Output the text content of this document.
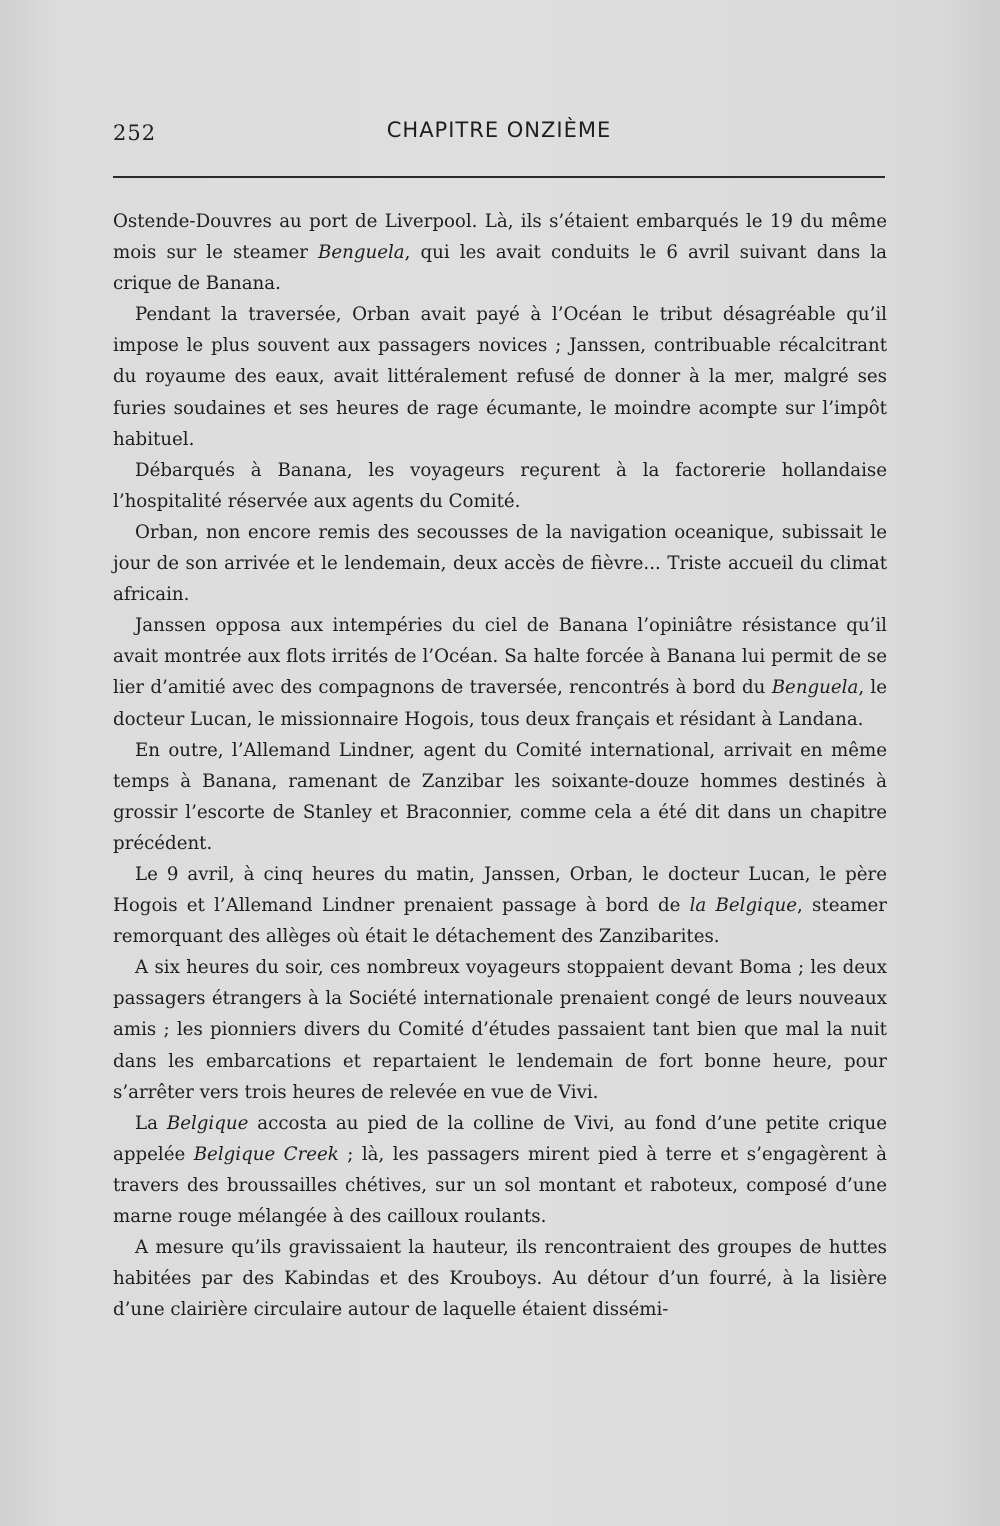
252	CHAPITRE ONZIÈME

Ostende-Douvres au port de Liverpool. Là, ils s’étaient embarqués le 19 du même mois sur le steamer Benguela, qui les avait conduits le 6 avril suivant dans la crique de Banana.

Pendant la traversée, Orban avait payé à l’Océan le tribut désagréable qu’il impose le plus souvent aux passagers novices ; Janssen, contribuable récalcitrant du royaume des eaux, avait littéralement refusé de donner à la mer, malgré ses furies soudaines et ses heures de rage écumante, le moindre acompte sur l’impôt habituel.

Débarqués à Banana, les voyageurs reçurent à la factorerie hollandaise l’hospitalité réservée aux agents du Comité.

Orban, non encore remis des secousses de la navigation oceanique, subissait le jour de son arrivée et le lendemain, deux accès de fièvre... Triste accueil du climat africain.

Janssen opposa aux intempéries du ciel de Banana l’opiniâtre résistance qu’il avait montrée aux flots irrités de l’Océan. Sa halte forcée à Banana lui permit de se lier d’amitié avec des compagnons de traversée, rencontrés à bord du Benguela, le docteur Lucan, le missionnaire Hogois, tous deux français et résidant à Landana.

En outre, l’Allemand Lindner, agent du Comité international, arrivait en même temps à Banana, ramenant de Zanzibar les soixante-douze hommes destinés à grossir l’escorte de Stanley et Braconnier, comme cela a été dit dans un chapitre précédent.

Le 9 avril, à cinq heures du matin, Janssen, Orban, le docteur Lucan, le père Hogois et l’Allemand Lindner prenaient passage à bord de la Belgique, steamer remorquant des allèges où était le détachement des Zanzibarites.

A six heures du soir, ces nombreux voyageurs stoppaient devant Boma ; les deux passagers étrangers à la Société internationale prenaient congé de leurs nouveaux amis ; les pionniers divers du Comité d’études passaient tant bien que mal la nuit dans les embarcations et repartaient le lendemain de fort bonne heure, pour s’arrêter vers trois heures de relevée en vue de Vivi.

La Belgique accosta au pied de la colline de Vivi, au fond d’une petite crique appelée Belgique Creek ; là, les passagers mirent pied à terre et s’engagèrent à travers des broussailles chétives, sur un sol montant et raboteux, composé d’une marne rouge mélangée à des cailloux roulants.

A mesure qu’ils gravissaient la hauteur, ils rencontraient des groupes de huttes habitées par des Kabindas et des Krouboys. Au détour d’un fourré, à la lisière d’une clairière circulaire autour de laquelle étaient dissémi-
